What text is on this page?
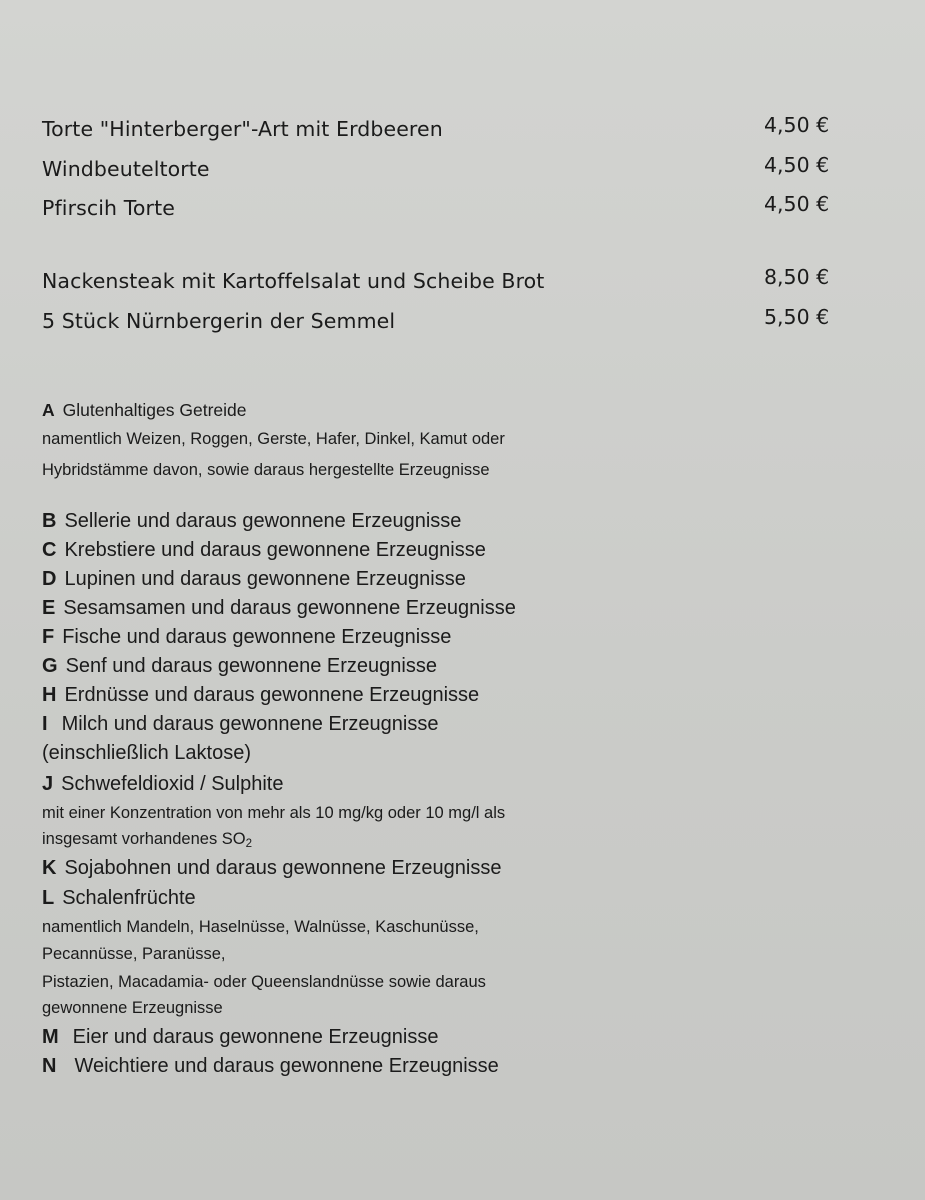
Torte "Hinterberger"-Art mit Erdbeeren	4,50 €
Windbeuteltorte	4,50 €
Pfirscih Torte	4,50 €
Nackensteak mit Kartoffelsalat und Scheibe Brot	8,50 €
5 Stück Nürnbergerin der Semmel	5,50 €
A Glutenhaltiges Getreide
namentlich Weizen, Roggen, Gerste, Hafer, Dinkel, Kamut oder
Hybridstämme davon, sowie daraus hergestellte Erzeugnisse
B Sellerie und daraus gewonnene Erzeugnisse
C Krebstiere und daraus gewonnene Erzeugnisse
D Lupinen und daraus gewonnene Erzeugnisse
E Sesamsamen und daraus gewonnene Erzeugnisse
F Fische und daraus gewonnene Erzeugnisse
G Senf und daraus gewonnene Erzeugnisse
H Erdnüsse und daraus gewonnene Erzeugnisse
I Milch und daraus gewonnene Erzeugnisse
(einschließlich Laktose)
J Schwefeldioxid / Sulphite
mit einer Konzentration von mehr als 10 mg/kg oder 10 mg/l als
insgesamt vorhandenes $SO_2$
K Sojabohnen und daraus gewonnene Erzeugnisse
L Schalenfrüchte
namentlich Mandeln, Haselnüsse, Walnüsse, Kaschunüsse,
Pecannüsse, Paranüsse,
Pistazien, Macadamia- oder Queenslandnüsse sowie daraus
gewonnene Erzeugnisse
M Eier und daraus gewonnene Erzeugnisse
N Weichtiere und daraus gewonnene Erzeugnisse
